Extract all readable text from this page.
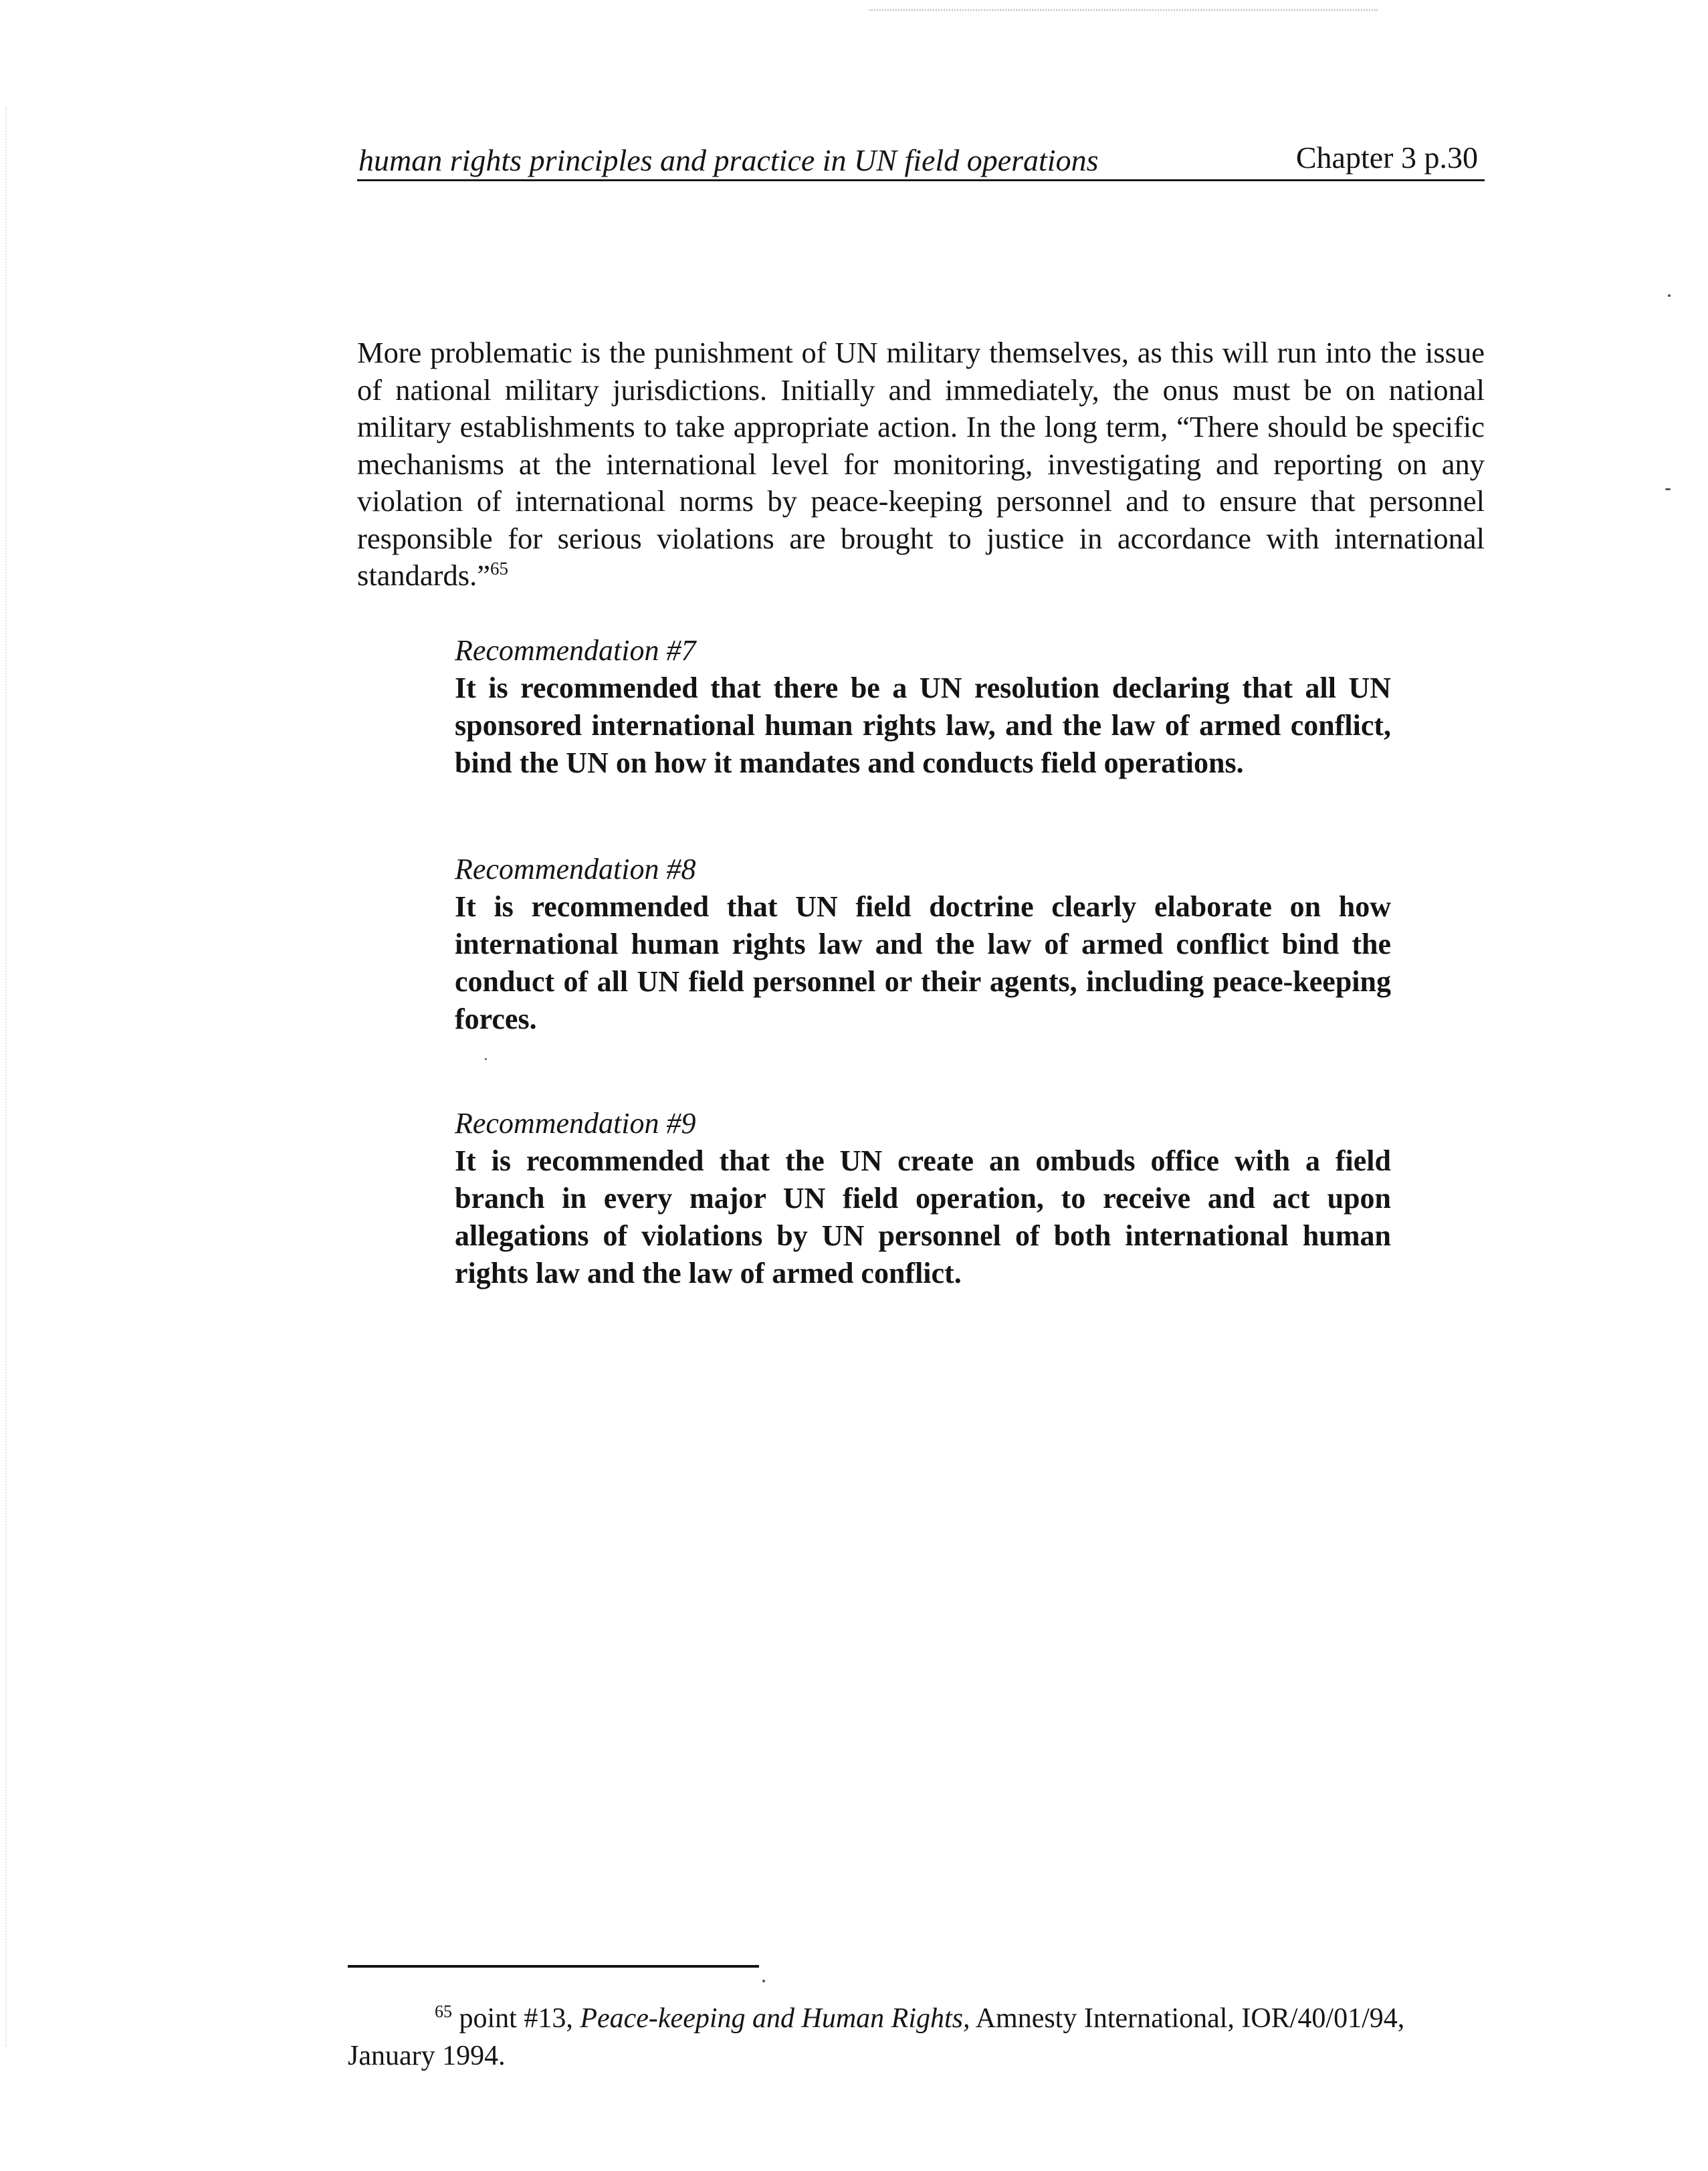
human rights principles and practice in UN field operations	Chapter 3 p.30

More problematic is the punishment of UN military themselves, as this will run into the issue of national military jurisdictions. Initially and immediately, the onus must be on national military establishments to take appropriate action. In the long term, “There should be specific mechanisms at the international level for monitoring, investigating and reporting on any violation of international norms by peace-keeping personnel and to ensure that personnel responsible for serious violations are brought to justice in accordance with international standards.”$^{65}$

Recommendation #7

It is recommended that there be a UN resolution declaring that all UN sponsored international human rights law, and the law of armed conflict, bind the UN on how it mandates and conducts field operations.

Recommendation #8

It is recommended that UN field doctrine clearly elaborate on how international human rights law and the law of armed conflict bind the conduct of all UN field personnel or their agents, including peace-keeping forces.

Recommendation #9

It is recommended that the UN create an ombuds office with a field branch in every major UN field operation, to receive and act upon allegations of violations by UN personnel of both international human rights law and the law of armed conflict.

$^{65}$ point #13, Peace-keeping and Human Rights, Amnesty International, IOR/40/01/94, January 1994.
